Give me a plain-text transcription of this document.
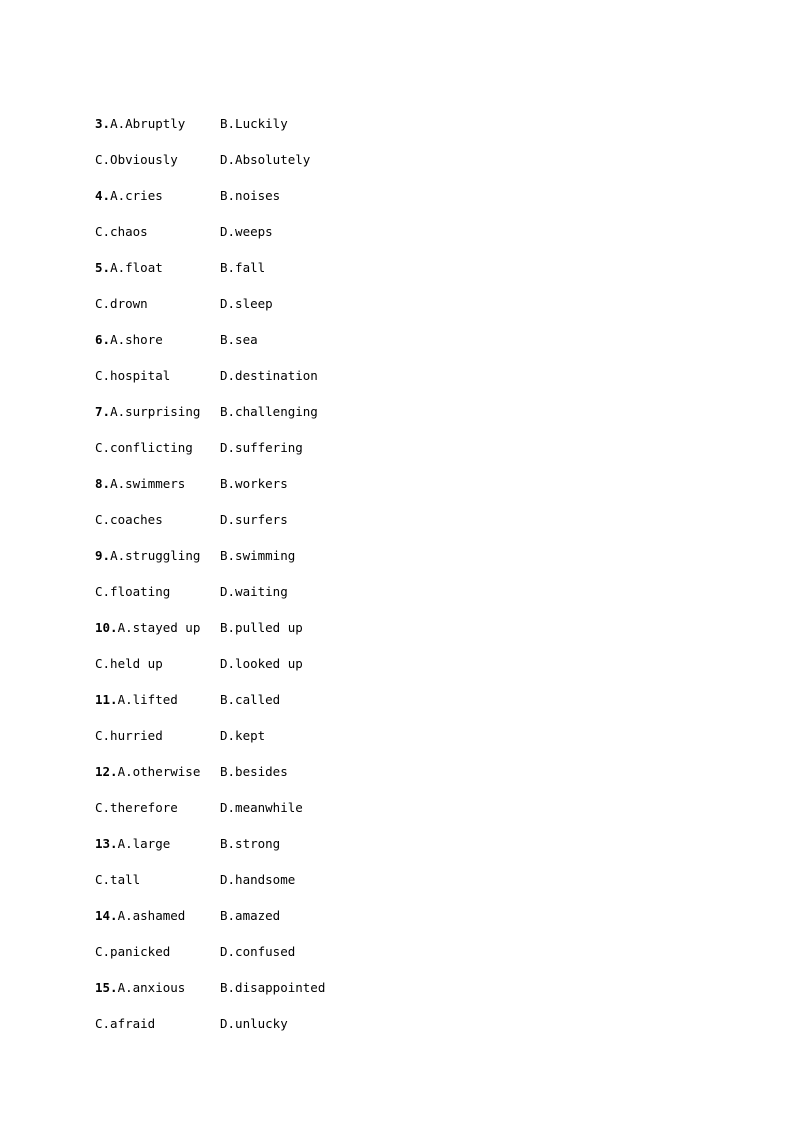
3.A.Abruptly	B.Luckily
C.Obviously	D.Absolutely
4.A.cries	B.noises
C.chaos	D.weeps
5.A.float	B.fall
C.drown	D.sleep
6.A.shore	B.sea
C.hospital	D.destination
7.A.surprising	B.challenging
C.conflicting	D.suffering
8.A.swimmers	B.workers
C.coaches	D.surfers
9.A.struggling	B.swimming
C.floating	D.waiting
10.A.stayed up	B.pulled up
C.held up	D.looked up
11.A.lifted	B.called
C.hurried	D.kept
12.A.otherwise	B.besides
C.therefore	D.meanwhile
13.A.large	B.strong
C.tall	D.handsome
14.A.ashamed	B.amazed
C.panicked	D.confused
15.A.anxious	B.disappointed
C.afraid	D.unlucky
